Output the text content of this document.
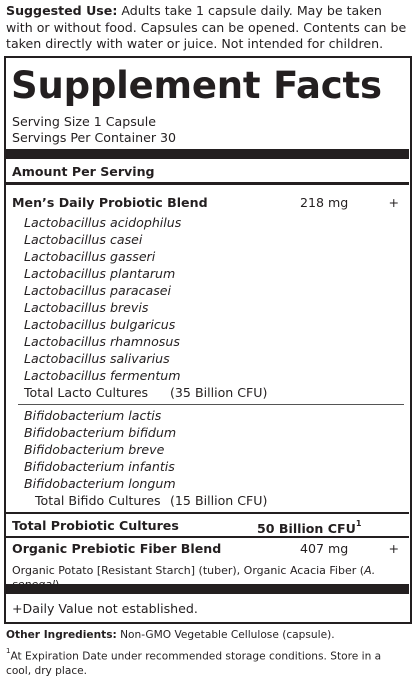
Suggested Use: Adults take 1 capsule daily. May be taken with or without food. Capsules can be opened. Contents can be taken directly with water or juice. Not intended for children.
Supplement Facts
Serving Size 1 Capsule
Servings Per Container 30
Amount Per Serving
Men’s Daily Probiotic Blend	218 mg	+
Lactobacillus acidophilus
Lactobacillus casei
Lactobacillus gasseri
Lactobacillus plantarum
Lactobacillus paracasei
Lactobacillus brevis
Lactobacillus bulgaricus
Lactobacillus rhamnosus
Lactobacillus salivarius
Lactobacillus fermentum
Total Lacto Cultures (35 Billion CFU)
Bifidobacterium lactis
Bifidobacterium bifidum
Bifidobacterium breve
Bifidobacterium infantis
Bifidobacterium longum
Total Bifido Cultures (15 Billion CFU)
Total Probiotic Cultures	50 Billion CFU$^1$
Organic Prebiotic Fiber Blend	407 mg	+
Organic Potato [Resistant Starch] (tuber), Organic Acacia Fiber (A.
+Daily Value not established.
Other Ingredients: Non-GMO Vegetable Cellulose (capsule).
$^1$At Expiration Date under recommended storage conditions. Store in a cool, dry place.
